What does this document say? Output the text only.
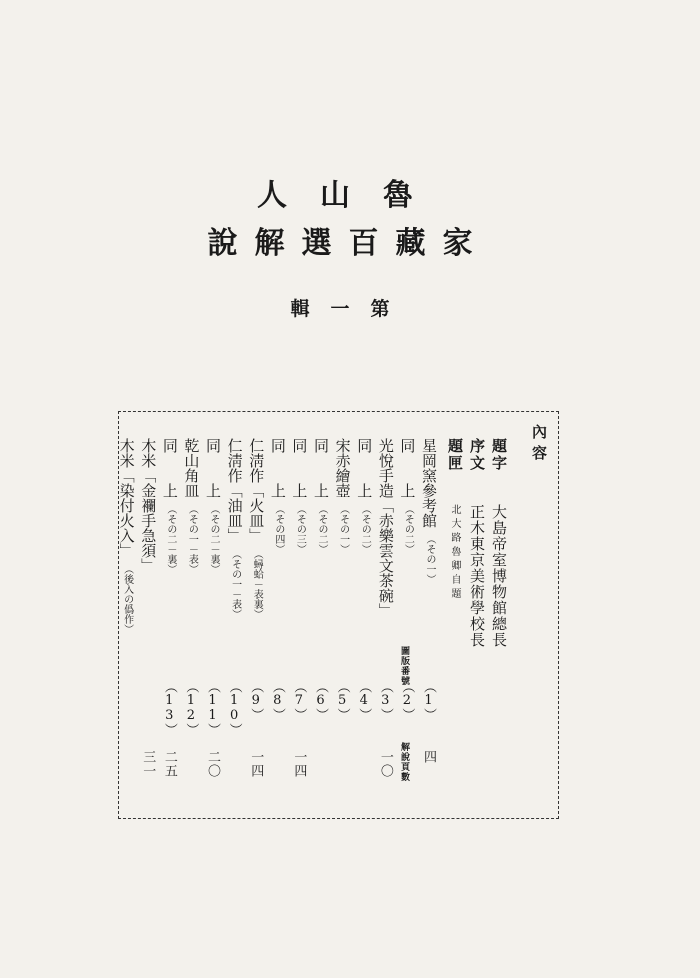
魯
山
人
家
藏
百
選
解
說
第
一
輯
內容
題字
大島帝室博物館總長
序文
正木東京美術學校長
題匣
北大路魯卿自題
圖版番號
解說頁數
星岡窯參考館
（その一）
（1）
四
同　　上
（その二）
（2）
光悅手造「赤樂雲文茶碗」
（3）
一〇
同　　上
（その二）
（4）
宋赤繪壺
（その一）
（5）
同　　上
（その二）
（6）
同　　上
（その三）
（7）
一四
同　　上
（その四）
（8）
仁淸作「火皿」
（蟳蛤－表裏）
（9）
一四
仁淸作「油皿」
（その一－表）
（10）
同　　上
（その二－裏）
（11）
二〇
乾山角皿
（その一－表）
（12）
同　　上
（その二－裏）
（13）
二五
木米「金襴手急須」
三一
木米「染付火入」
（後入の僞作）
